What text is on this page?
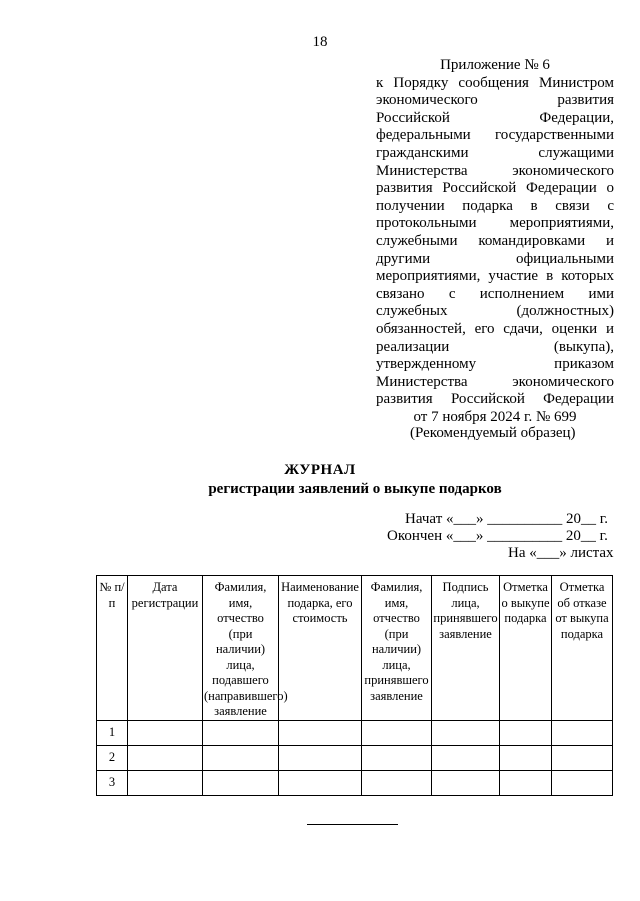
18
Приложение № 6
к Порядку сообщения Министром экономического развития Российской Федерации, федеральными государственными гражданскими служащими Министерства экономического развития Российской Федерации о получении подарка в связи с протокольными мероприятиями, служебными командировками и другими официальными мероприятиями, участие в которых связано с исполнением ими служебных (должностных) обязанностей, его сдачи, оценки и реализации (выкупа), утвержденному приказом Министерства экономического развития Российской Федерации
от 7 ноября 2024 г. № 699
(Рекомендуемый образец)
ЖУРНАЛ
регистрации заявлений о выкупе подарков
Начат «___» __________ 20__ г.
Окончен «___» __________ 20__ г.
На «___» листах
№ п/п	Дата регистрации	Фамилия, имя, отчество (при наличии) лица, подавшего (направившего) заявление	Наименование подарка, его стоимость	Фамилия, имя, отчество (при наличии) лица, принявшего заявление	Подпись лица, принявшего заявление	Отметка о выкупе подарка	Отметка об отказе от выкупа подарка
1							
2							
3							
